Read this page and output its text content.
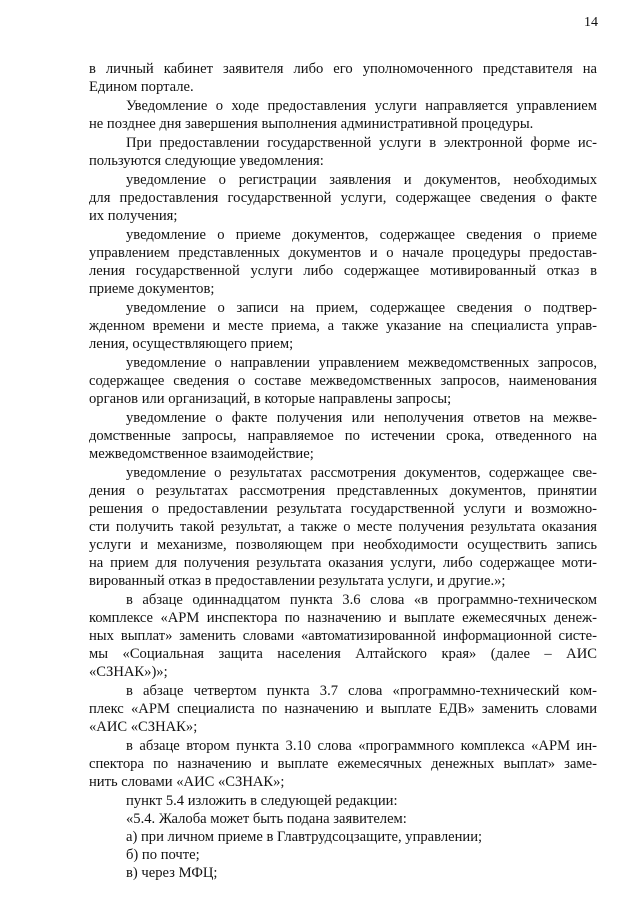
14
в личный кабинет заявителя либо его уполномоченного представителя на
Едином портале.
Уведомление о ходе предоставления услуги направляется управлением
не позднее дня завершения выполнения административной процедуры.
При предоставлении государственной услуги в электронной форме ис-
пользуются следующие уведомления:
уведомление о регистрации заявления и документов, необходимых
для предоставления государственной услуги, содержащее сведения о факте
их получения;
уведомление о приеме документов, содержащее сведения о приеме
управлением представленных документов и о начале процедуры предостав-
ления государственной услуги либо содержащее мотивированный отказ в
приеме документов;
уведомление о записи на прием, содержащее сведения о подтвер-
жденном времени и месте приема, а также указание на специалиста управ-
ления, осуществляющего прием;
уведомление о направлении управлением межведомственных запросов,
содержащее сведения о составе межведомственных запросов, наименования
органов или организаций, в которые направлены запросы;
уведомление о факте получения или неполучения ответов на межве-
домственные запросы, направляемое по истечении срока, отведенного на
межведомственное взаимодействие;
уведомление о результатах рассмотрения документов, содержащее све-
дения о результатах рассмотрения представленных документов, принятии
решения о предоставлении результата государственной услуги и возможно-
сти получить такой результат, а также о месте получения результата оказания
услуги и механизме, позволяющем при необходимости осуществить запись
на прием для получения результата оказания услуги, либо содержащее моти-
вированный отказ в предоставлении результата услуги, и другие.»;
в абзаце одиннадцатом пункта 3.6 слова «в программно-техническом
комплексе «АРМ инспектора по назначению и выплате ежемесячных денеж-
ных выплат» заменить словами «автоматизированной информационной систе-
мы «Социальная защита населения Алтайского края» (далее – АИС
«СЗНАК»)»;
в абзаце четвертом пункта 3.7 слова «программно-технический ком-
плекс «АРМ специалиста по назначению и выплате ЕДВ» заменить словами
«АИС «СЗНАК»;
в абзаце втором пункта 3.10 слова «программного комплекса «АРМ ин-
спектора по назначению и выплате ежемесячных денежных выплат» заме-
нить словами «АИС «СЗНАК»;
пункт 5.4 изложить в следующей редакции:
«5.4. Жалоба может быть подана заявителем:
а) при личном приеме в Главтрудсоцзащите, управлении;
б) по почте;
в) через МФЦ;
